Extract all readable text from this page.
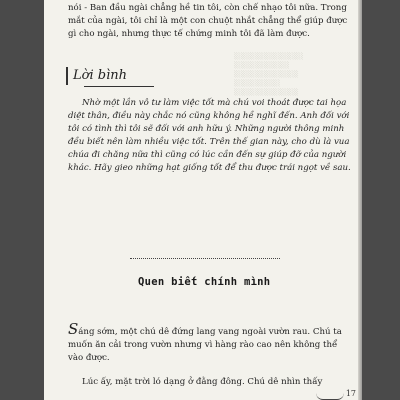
░░░░░░░░░░░░░░░
░░░░░░░░░░░░
░░░░░░░░░░░░░░
░░░░░░░░░░
░░░░░░░░░░░░░░

nói - Ban đầu ngài chẳng hề tin tôi, còn chế nhạo tôi nữa. Trong mắt của ngài, tôi chỉ là một con chuột nhắt chẳng thể giúp được gì cho ngài, nhưng thực tế chứng minh tôi đã làm được.

Lời bình

Nhờ một lần vô tư làm việc tốt mà chú voi thoát được tai họa diệt thân, điều này chắc nó cũng không hề nghĩ đến. Anh đối với tôi có tình thì tôi sẽ đối với anh hữu ý. Những người thông minh đều biết nên làm nhiều việc tốt. Trên thế gian này, cho dù là vua chúa đi chăng nữa thì cũng có lúc cần đến sự giúp đỡ của người khác. Hãy gieo những hạt giống tốt để thu được trái ngọt về sau.

Quen biết chính mình

Sáng sớm, một chú dê đứng lang vang ngoài vườn rau. Chú ta muốn ăn cải trong vườn nhưng vì hàng rào cao nên không thể vào được.

Lúc ấy, mặt trời ló dạng ở đằng đông. Chú dê nhìn thấy

17
